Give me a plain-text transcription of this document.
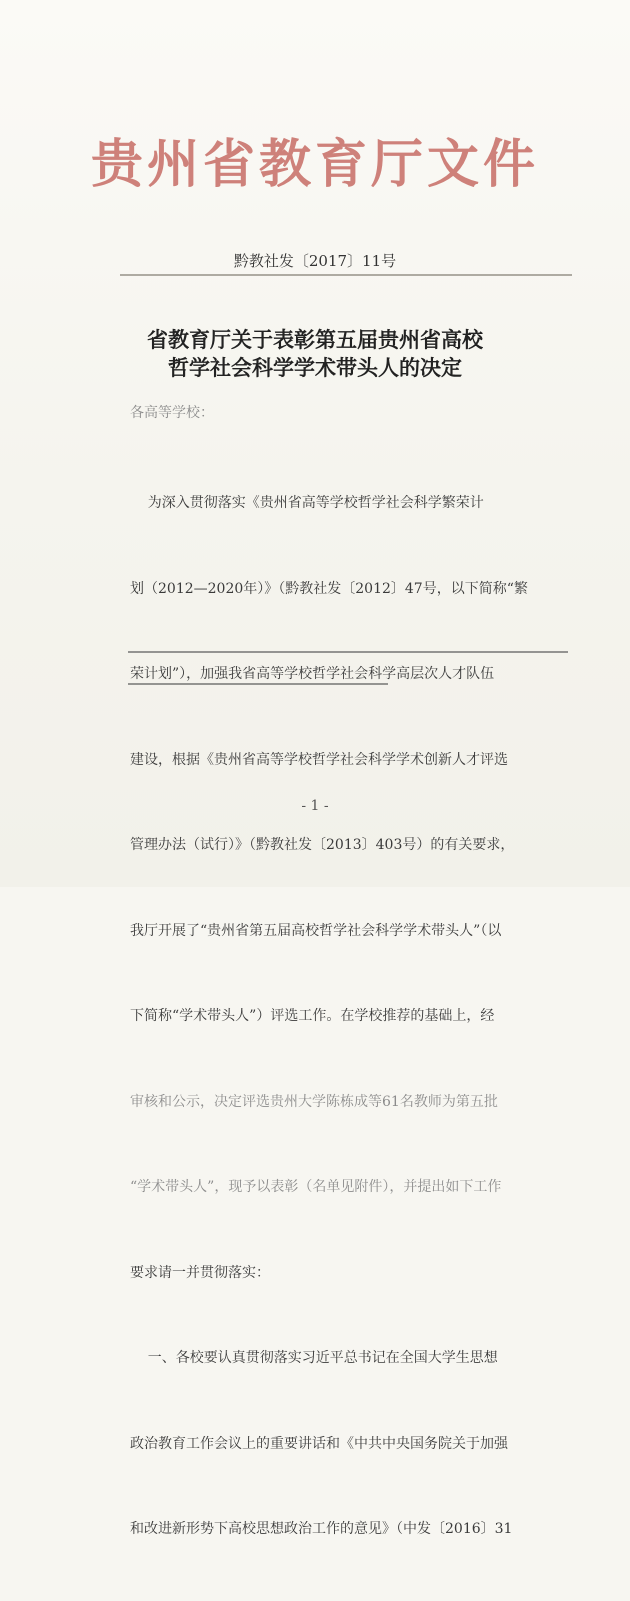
贵州省教育厅文件
黔教社发〔2017〕11号
省教育厅关于表彰第五届贵州省高校
哲学社会科学学术带头人的决定
各高等学校：

为深入贯彻落实《贵州省高等学校哲学社会科学繁荣计

划（2012—2020年）》（黔教社发〔2012〕47号，以下简称“繁

荣计划”），加强我省高等学校哲学社会科学高层次人才队伍

建设，根据《贵州省高等学校哲学社会科学学术创新人才评选

管理办法（试行）》（黔教社发〔2013〕403号）的有关要求，

我厅开展了“贵州省第五届高校哲学社会科学学术带头人”（以

下简称“学术带头人”）评选工作。在学校推荐的基础上，经

审核和公示，决定评选贵州大学陈栋成等61名教师为第五批

“学术带头人”，现予以表彰（名单见附件），并提出如下工作

要求请一并贯彻落实：

一、各校要认真贯彻落实习近平总书记在全国大学生思想

政治教育工作会议上的重要讲话和《中共中央国务院关于加强

和改进新形势下高校思想政治工作的意见》（中发〔2016〕31

- 1 -
